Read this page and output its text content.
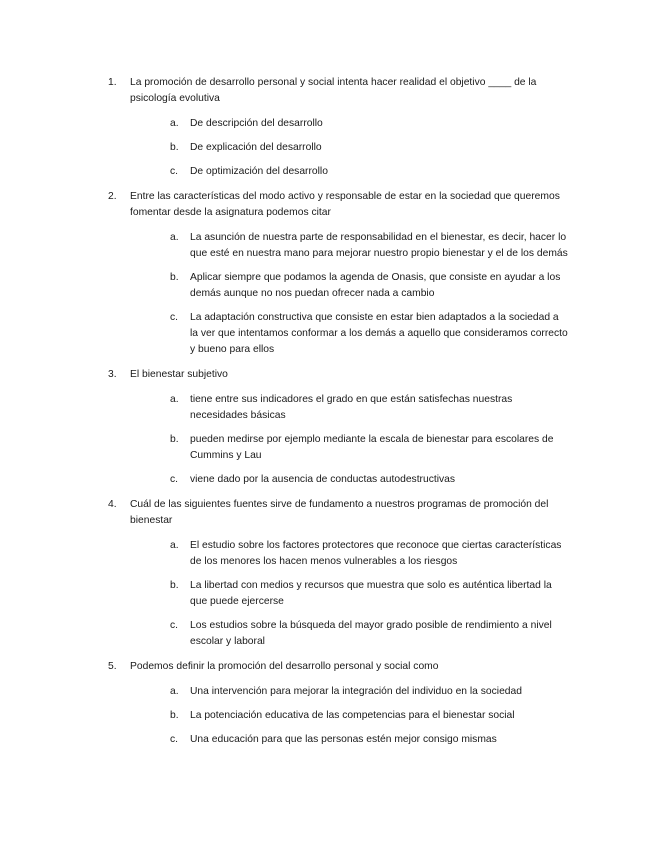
1. La promoción de desarrollo personal y social intenta hacer realidad el objetivo ____ de la psicología evolutiva
a. De descripción del desarrollo
b. De explicación del desarrollo
c. De optimización del desarrollo
2. Entre las características del modo activo y responsable de estar en la sociedad que queremos fomentar desde la asignatura podemos citar
a. La asunción de nuestra parte de responsabilidad en el bienestar, es decir, hacer lo que esté en nuestra mano para mejorar nuestro propio bienestar y el de los demás
b. Aplicar siempre que podamos la agenda de Onasis, que consiste en ayudar a los demás aunque no nos puedan ofrecer nada a cambio
c. La adaptación constructiva que consiste en estar bien adaptados a la sociedad a la ver que intentamos conformar a los demás a aquello que consideramos correcto y bueno para ellos
3. El bienestar subjetivo
a. tiene entre sus indicadores el grado en que están satisfechas nuestras necesidades básicas
b. pueden medirse por ejemplo mediante la escala de bienestar para escolares de Cummins y Lau
c. viene dado por la ausencia de conductas autodestructivas
4. Cuál de las siguientes fuentes sirve de fundamento a nuestros programas de promoción del bienestar
a. El estudio sobre los factores protectores que reconoce que ciertas características de los menores los hacen menos vulnerables a los riesgos
b. La libertad con medios y recursos que muestra que solo es auténtica libertad la que puede ejercerse
c. Los estudios sobre la búsqueda del mayor grado posible de rendimiento a nivel escolar y laboral
5. Podemos definir la promoción del desarrollo personal y social como
a. Una intervención para mejorar la integración del individuo en la sociedad
b. La potenciación educativa de las competencias para el bienestar social
c. Una educación para que las personas estén mejor consigo mismas
